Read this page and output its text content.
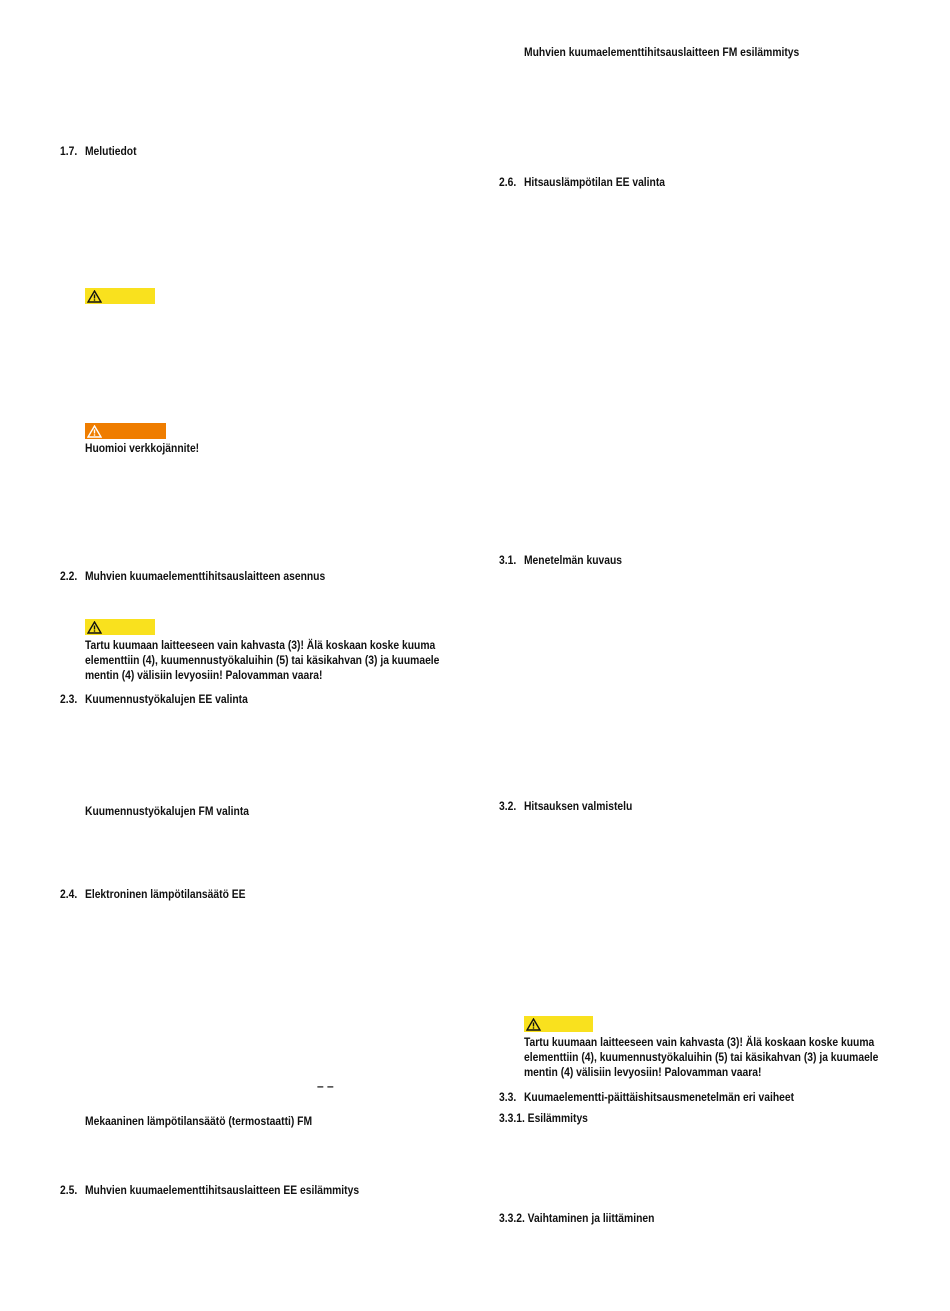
1.7. Melutiedot
Huomioi verkkojännite!
2.2. Muhvien kuumaelementtihitsauslaitteen asennus
Tartu kuumaan laitteeseen vain kahvasta (3)! Älä koskaan koske kuuma
elementtiin (4), kuumennustyökaluihin (5) tai käsikahvan (3) ja kuumaele
mentin (4) välisiin levyosiin! Palovamman vaara!
2.3. Kuumennustyökalujen EE valinta
Kuumennustyökalujen FM valinta
2.4. Elektroninen lämpötilansäätö EE
– –
Mekaaninen lämpötilansäätö (termostaatti) FM
2.5. Muhvien kuumaelementtihitsauslaitteen EE esilämmitys
Muhvien kuumaelementtihitsauslaitteen FM esilämmitys
2.6. Hitsauslämpötilan EE valinta
3.1. Menetelmän kuvaus
3.2. Hitsauksen valmistelu
Tartu kuumaan laitteeseen vain kahvasta (3)! Älä koskaan koske kuuma
elementtiin (4), kuumennustyökaluihin (5) tai käsikahvan (3) ja kuumaele
mentin (4) välisiin levyosiin! Palovamman vaara!
3.3. Kuumaelementti-päittäishitsausmenetelmän eri vaiheet
3.3.1. Esilämmitys
3.3.2. Vaihtaminen ja liittäminen
